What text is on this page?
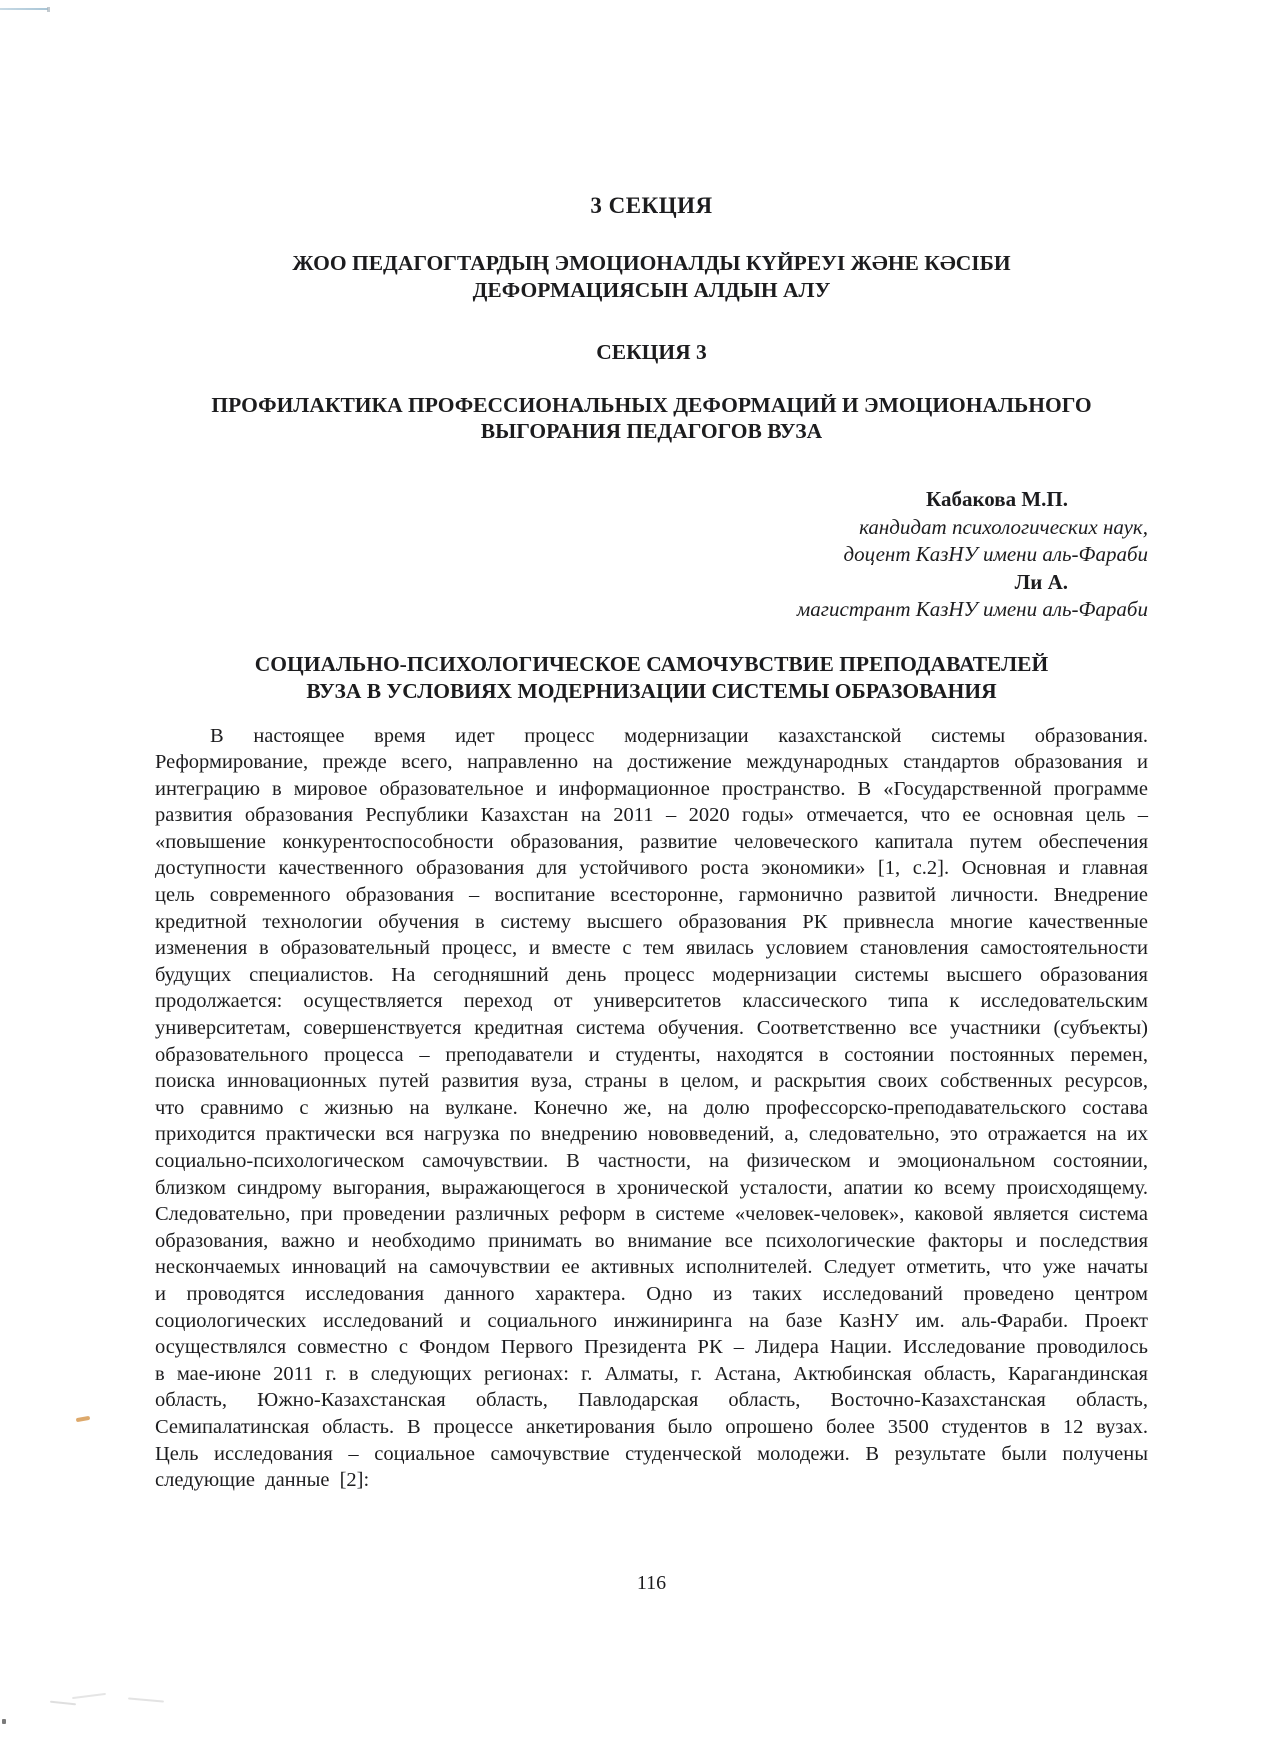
3 СЕКЦИЯ
ЖОО ПЕДАГОГТАРДЫҢ ЭМОЦИОНАЛДЫ КҮЙРЕУІ ЖӘНЕ КӘСІБИ
ДЕФОРМАЦИЯСЫН АЛДЫН АЛУ
СЕКЦИЯ 3
ПРОФИЛАКТИКА ПРОФЕССИОНАЛЬНЫХ ДЕФОРМАЦИЙ И ЭМОЦИОНАЛЬНОГО
ВЫГОРАНИЯ ПЕДАГОГОВ ВУЗА
Кабакова М.П.
кандидат психологических наук,
доцент КазНУ имени аль-Фараби
Ли А.
магистрант КазНУ имени аль-Фараби
СОЦИАЛЬНО-ПСИХОЛОГИЧЕСКОЕ САМОЧУВСТВИЕ ПРЕПОДАВАТЕЛЕЙ
ВУЗА В УСЛОВИЯХ МОДЕРНИЗАЦИИ СИСТЕМЫ ОБРАЗОВАНИЯ

В настоящее время идет процесс модернизации казахстанской системы образования. Реформирование, прежде всего, направленно на достижение международных стандартов образования и интеграцию в мировое образовательное и информационное пространство. В «Государственной программе развития образования Республики Казахстан на 2011 – 2020 годы» отмечается, что ее основная цель – «повышение конкурентоспособности образования, развитие человеческого капитала путем обеспечения доступности качественного образования для устойчивого роста экономики» [1, с.2]. Основная и главная цель современного образования – воспитание всесторонне, гармонично развитой личности. Внедрение кредитной технологии обучения в систему высшего образования РК привнесла многие качественные изменения в образовательный процесс, и вместе с тем явилась условием становления самостоятельности будущих специалистов. На сегодняшний день процесс модернизации системы высшего образования продолжается: осуществляется переход от университетов классического типа к исследовательским университетам, совершенствуется кредитная система обучения. Соответственно все участники (субъекты) образовательного процесса – преподаватели и студенты, находятся в состоянии постоянных перемен, поиска инновационных путей развития вуза, страны в целом, и раскрытия своих собственных ресурсов, что сравнимо с жизнью на вулкане. Конечно же, на долю профессорско-преподавательского состава приходится практически вся нагрузка по внедрению нововведений, а, следовательно, это отражается на их социально-психологическом самочувствии. В частности, на физическом и эмоциональном состоянии, близком синдрому выгорания, выражающегося в хронической усталости, апатии ко всему происходящему. Следовательно, при проведении различных реформ в системе «человек-человек», каковой является система образования, важно и необходимо принимать во внимание все психологические факторы и последствия нескончаемых инноваций на самочувствии ее активных исполнителей. Следует отметить, что уже начаты и проводятся исследования данного характера. Одно из таких исследований проведено центром социологических исследований и социального инжиниринга на базе КазНУ им. аль-Фараби. Проект осуществлялся совместно с Фондом Первого Президента РК – Лидера Нации. Исследование проводилось в мае-июне 2011 г. в следующих регионах: г. Алматы, г. Астана, Актюбинская область, Карагандинская область, Южно-Казахстанская область, Павлодарская область, Восточно-Казахстанская область, Семипалатинская область. В процессе анкетирования было опрошено более 3500 студентов в 12 вузах. Цель исследования – социальное самочувствие студенческой молодежи. В результате были получены следующие данные [2]:

116
